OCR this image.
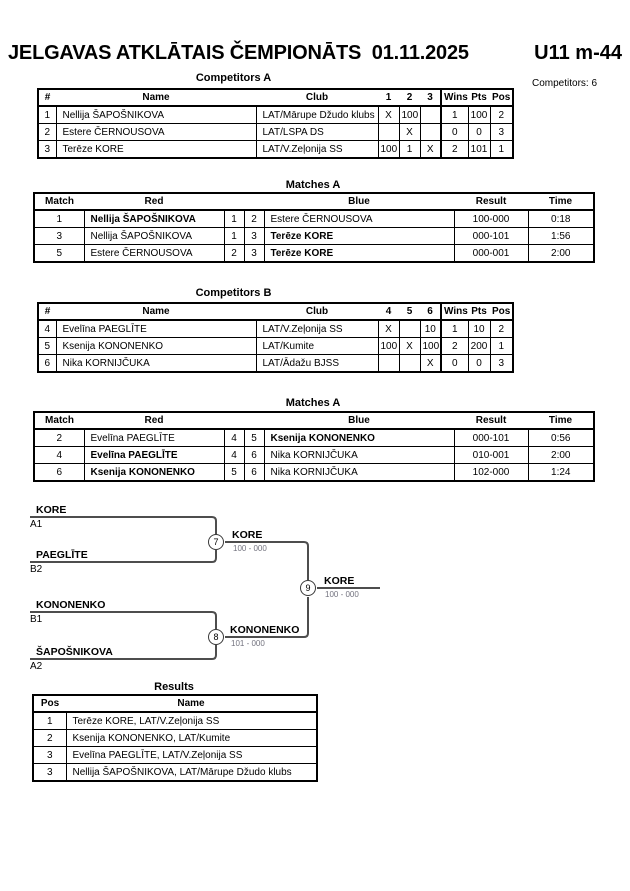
JELGAVAS ATKLĀTAIS ČEMPIONĀTS  01.11.2025	U11 m-44
Competitors: 6
Competitors A
#	Name	Club	1	2	3	Wins	Pts	Pos
1	Nellija ŠAPOŠNIKOVA	LAT/Mārupe Džudo klubs	X	100		1	100	2
2	Estere ČERNOUSOVA	LAT/LSPA DS		X		0	0	3
3	Terēze KORE	LAT/V.Zeļonija SS	100	1	X	2	101	1
Matches A
Match	Red			Blue	Result	Time
1	Nellija ŠAPOŠNIKOVA	1	2	Estere ČERNOUSOVA	100-000	0:18
3	Nellija ŠAPOŠNIKOVA	1	3	Terēze KORE	000-101	1:56
5	Estere ČERNOUSOVA	2	3	Terēze KORE	000-001	2:00
Competitors B
#	Name	Club	4	5	6	Wins	Pts	Pos
4	Evelīna PAEGLĪTE	LAT/V.Zeļonija SS	X		10	1	10	2
5	Ksenija KONONENKO	LAT/Kumite	100	X	100	2	200	1
6	Nika KORNIJČUKA	LAT/Ādažu BJSS			X	0	0	3
Matches A
Match	Red			Blue	Result	Time
2	Evelīna PAEGLĪTE	4	5	Ksenija KONONENKO	000-101	0:56
4	Evelīna PAEGLĪTE	4	6	Nika KORNIJČUKA	010-001	2:00
6	Ksenija KONONENKO	5	6	Nika KORNIJČUKA	102-000	1:24
KORE
A1
PAEGLĪTE
B2
7
KORE
100 - 000
9
KORE
100 - 000
KONONENKO
B1
8
KONONENKO
101 - 000
ŠAPOŠNIKOVA
A2
Results
Pos	Name
1	Terēze KORE, LAT/V.Zeļonija SS
2	Ksenija KONONENKO, LAT/Kumite
3	Evelīna PAEGLĪTE, LAT/V.Zeļonija SS
3	Nellija ŠAPOŠNIKOVA, LAT/Mārupe Džudo klubs
